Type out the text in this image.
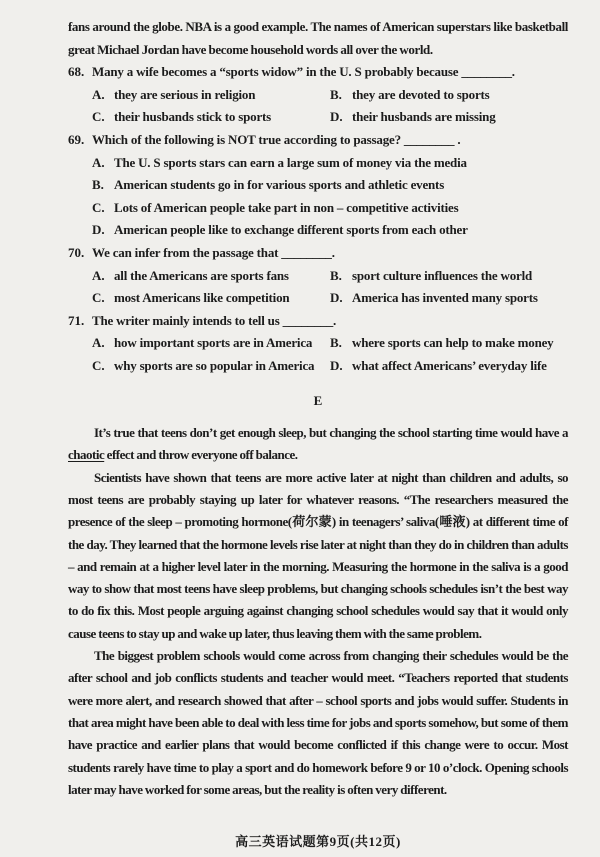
fans around the globe. NBA is a good example. The names of American superstars like basketball great Michael Jordan have become household words all over the world.

68. Many a wife becomes a “sports widow” in the U. S probably because ________.
A. they are serious in religion	B. they are devoted to sports
C. their husbands stick to sports	D. their husbands are missing
69. Which of the following is NOT true according to passage? ________ .
A. The U. S sports stars can earn a large sum of money via the media
B. American students go in for various sports and athletic events
C. Lots of American people take part in non – competitive activities
D. American people like to exchange different sports from each other
70. We can infer from the passage that ________.
A. all the Americans are sports fans	B. sport culture influences the world
C. most Americans like competition	D. America has invented many sports
71. The writer mainly intends to tell us ________.
A. how important sports are in America B. where sports can help to make money
C. why sports are so popular in America D. what affect Americans’ everyday life
E

It’s true that teens don’t get enough sleep, but changing the school starting time would have a chaotic effect and throw everyone off balance.

Scientists have shown that teens are more active later at night than children and adults, so most teens are probably staying up later for whatever reasons. “The researchers measured the presence of the sleep – promoting hormone(荷尔蒙) in teenagers’ saliva(唾液) at different time of the day. They learned that the hormone levels rise later at night than they do in children than adults – and remain at a higher level later in the morning. Measuring the hormone in the saliva is a good way to show that most teens have sleep problems, but changing schools schedules isn’t the best way to do fix this. Most people arguing against changing school schedules would say that it would only cause teens to stay up and wake up later, thus leaving them with the same problem.

The biggest problem schools would come across from changing their schedules would be the after school and job conflicts students and teacher would meet. “Teachers reported that students were more alert, and research showed that after – school sports and jobs would suffer. Students in that area might have been able to deal with less time for jobs and sports somehow, but some of them have practice and earlier plans that would become conflicted if this change were to occur. Most students rarely have time to play a sport and do homework before 9 or 10 o’clock. Opening schools later may have worked for some areas, but the reality is often very different.

高三英语试题第9页(共12页)
